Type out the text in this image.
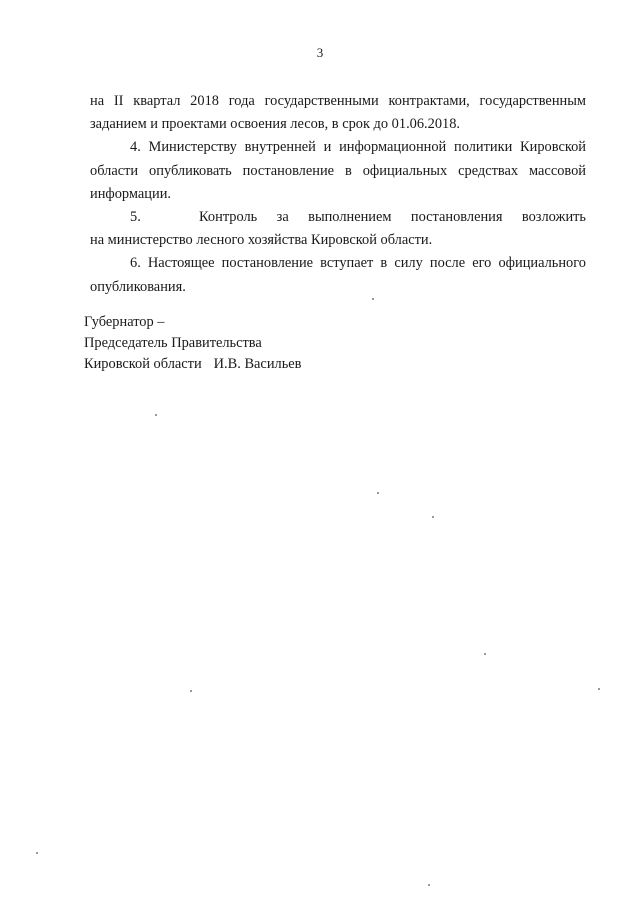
3

на II квартал 2018 года государственными контрактами, государственным

заданием и проектами освоения лесов, в срок до 01.06.2018.

4. Министерству внутренней и информационной политики Кировской области опубликовать постановление в официальных средствах массовой информации.

5.   Контроль за выполнением постановления возложить

на министерство лесного хозяйства Кировской области.

6. Настоящее постановление вступает в силу после его официального опубликования.

Губернатор –
Председатель Правительства
Кировской области И.В. Васильев
